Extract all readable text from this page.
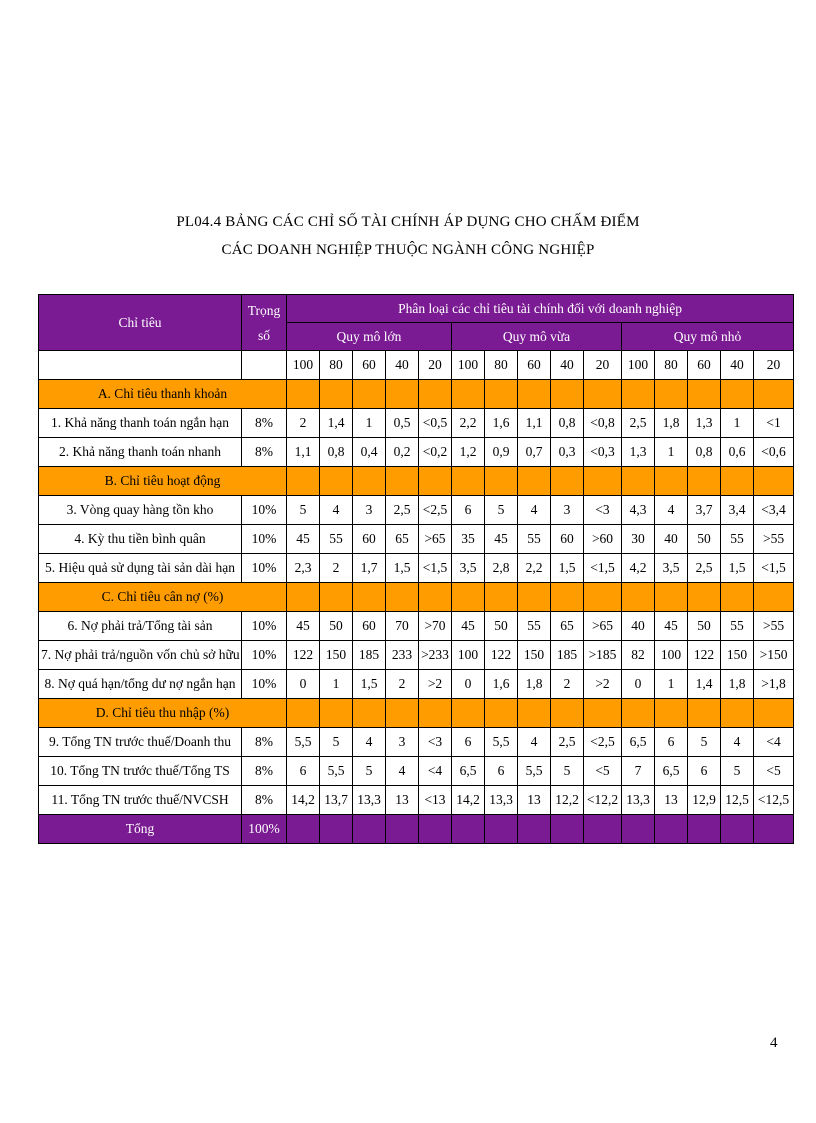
PL04.4 BẢNG CÁC CHỈ SỐ TÀI CHÍNH ÁP DỤNG CHO CHẤM ĐIỂM
CÁC DOANH NGHIỆP THUỘC NGÀNH CÔNG NGHIỆP
Chỉ tiêu	Trọng số	Phân loại các chỉ tiêu tài chính đối với doanh nghiệp														
		Quy mô lớn					Quy mô vừa					Quy mô nhỏ				
		100	80	60	40	20	100	80	60	40	20	100	80	60	40	20
A. Chỉ tiêu thanh khoản																
1. Khả năng thanh toán ngắn hạn	8%	2	1,4	1	0,5	<0,5	2,2	1,6	1,1	0,8	<0,8	2,5	1,8	1,3	1	<1
2. Khả năng thanh toán nhanh	8%	1,1	0,8	0,4	0,2	<0,2	1,2	0,9	0,7	0,3	<0,3	1,3	1	0,8	0,6	<0,6
B. Chỉ tiêu hoạt động																
3. Vòng quay hàng tồn kho	10%	5	4	3	2,5	<2,5	6	5	4	3	<3	4,3	4	3,7	3,4	<3,4
4. Kỳ thu tiền bình quân	10%	45	55	60	65	>65	35	45	55	60	>60	30	40	50	55	>55
5. Hiệu quả sử dụng tài sản dài hạn	10%	2,3	2	1,7	1,5	<1,5	3,5	2,8	2,2	1,5	<1,5	4,2	3,5	2,5	1,5	<1,5
C. Chỉ tiêu cân nợ (%)																
6. Nợ phải trả/Tổng tài sản	10%	45	50	60	70	>70	45	50	55	65	>65	40	45	50	55	>55
7. Nợ phải trả/nguồn vốn chủ sở hữu	10%	122	150	185	233	>233	100	122	150	185	>185	82	100	122	150	>150
8. Nợ quá hạn/tổng dư nợ ngắn hạn	10%	0	1	1,5	2	>2	0	1,6	1,8	2	>2	0	1	1,4	1,8	>1,8
D. Chỉ tiêu thu nhập (%)																
9. Tổng TN trước thuế/Doanh thu	8%	5,5	5	4	3	<3	6	5,5	4	2,5	<2,5	6,5	6	5	4	<4
10. Tổng TN trước thuế/Tổng TS	8%	6	5,5	5	4	<4	6,5	6	5,5	5	<5	7	6,5	6	5	<5
11. Tổng TN trước thuế/NVCSH	8%	14,2	13,7	13,3	13	<13	14,2	13,3	13	12,2	<12,2	13,3	13	12,9	12,5	<12,5
Tổng	100%															
4
